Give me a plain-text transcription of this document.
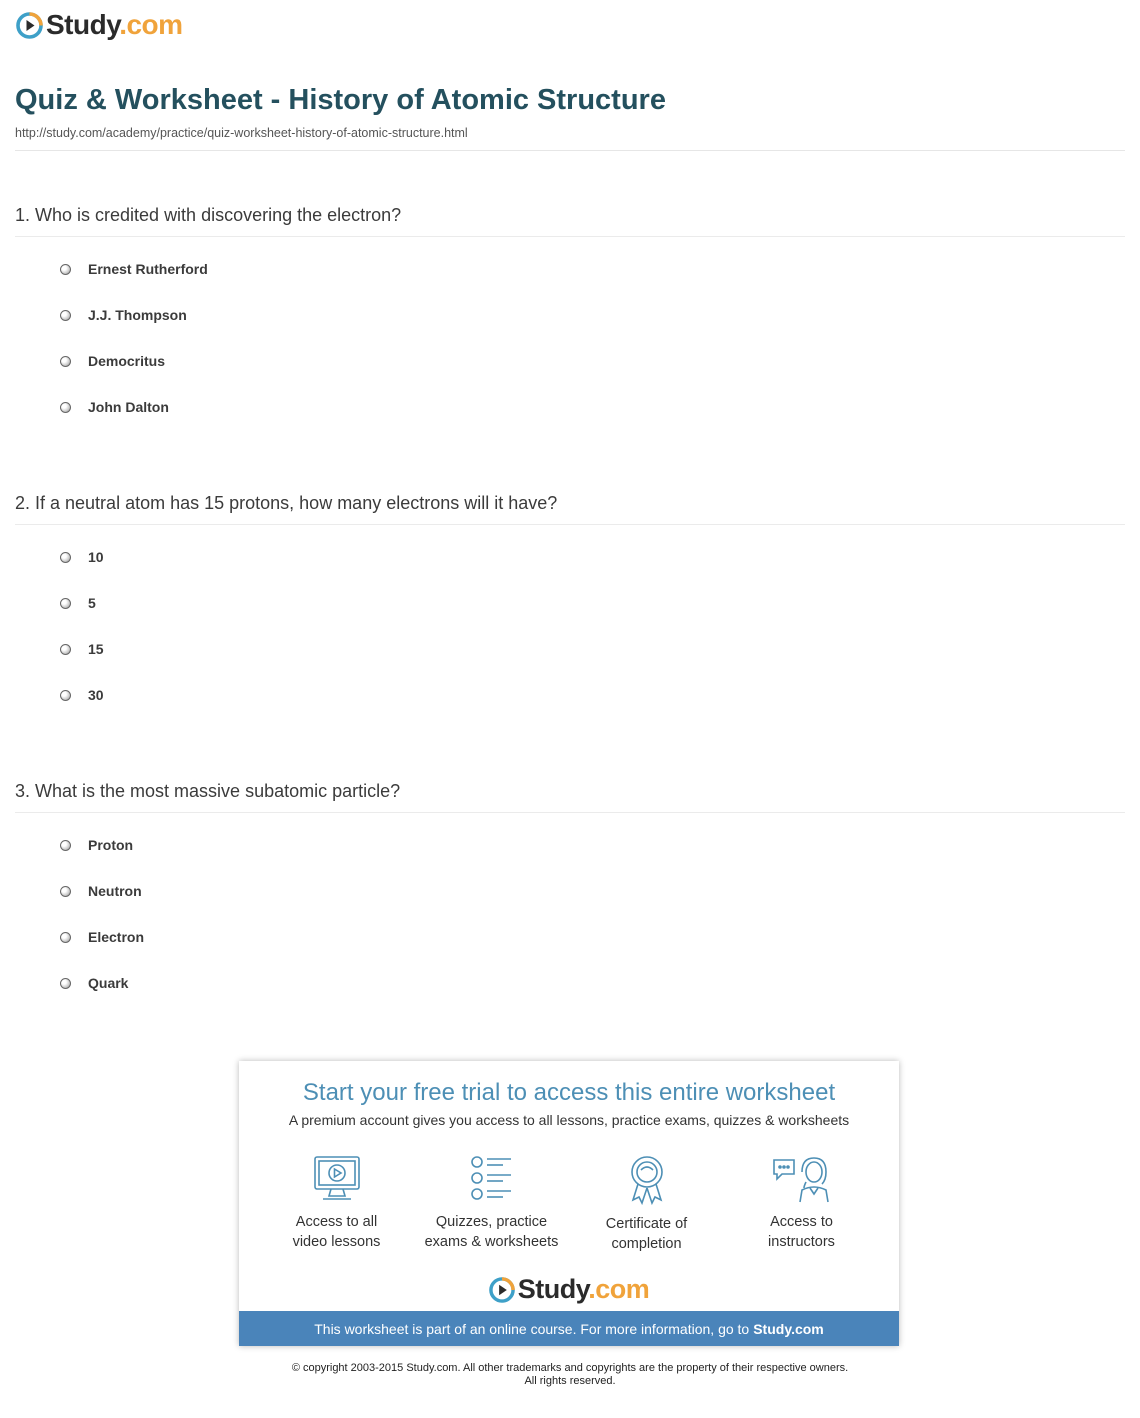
Study.com
Quiz & Worksheet - History of Atomic Structure
http://study.com/academy/practice/quiz-worksheet-history-of-atomic-structure.html
1. Who is credited with discovering the electron?
Ernest Rutherford
J.J. Thompson
Democritus
John Dalton
2. If a neutral atom has 15 protons, how many electrons will it have?
10
5
15
30
3. What is the most massive subatomic particle?
Proton
Neutron
Electron
Quark
Start your free trial to access this entire worksheet
A premium account gives you access to all lessons, practice exams, quizzes & worksheets
Access to all
video lessons
Quizzes, practice
exams & worksheets
Certificate of
completion
Access to
instructors
Study.com
This worksheet is part of an online course. For more information, go to Study.com
© copyright 2003-2015 Study.com. All other trademarks and copyrights are the property of their respective owners.
All rights reserved.
